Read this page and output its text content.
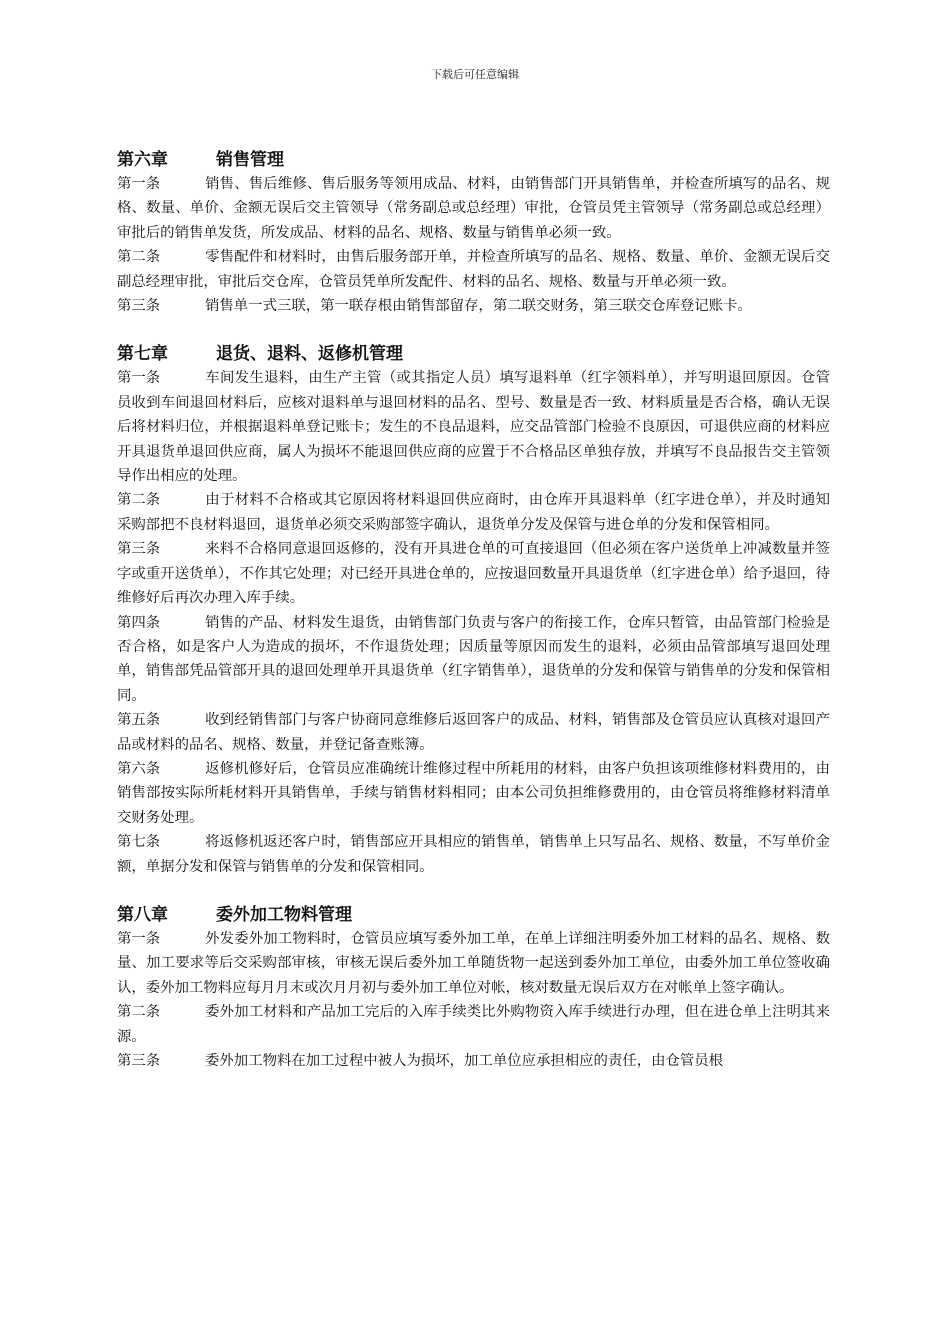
下载后可任意编辑
第六章	销售管理
第一条	销售、售后维修、售后服务等领用成品、材料，由销售部门开具销售单，并检查所填写的品名、规格、数量、单价、金额无误后交主管领导（常务副总或总经理）审批，仓管员凭主管领导（常务副总或总经理）审批后的销售单发货，所发成品、材料的品名、规格、数量与销售单必须一致。
第二条	零售配件和材料时，由售后服务部开单，并检查所填写的品名、规格、数量、单价、金额无误后交副总经理审批，审批后交仓库，仓管员凭单所发配件、材料的品名、规格、数量与开单必须一致。
第三条	销售单一式三联，第一联存根由销售部留存，第二联交财务，第三联交仓库登记账卡。
第七章	退货、退料、返修机管理
第一条	车间发生退料，由生产主管（或其指定人员）填写退料单（红字领料单），并写明退回原因。仓管员收到车间退回材料后，应核对退料单与退回材料的品名、型号、数量是否一致、材料质量是否合格，确认无误后将材料归位，并根据退料单登记账卡；发生的不良品退料，应交品管部门检验不良原因，可退供应商的材料应开具退货单退回供应商，属人为损坏不能退回供应商的应置于不合格品区单独存放，并填写不良品报告交主管领导作出相应的处理。
第二条	由于材料不合格或其它原因将材料退回供应商时，由仓库开具退料单（红字进仓单），并及时通知采购部把不良材料退回，退货单必须交采购部签字确认，退货单分发及保管与进仓单的分发和保管相同。
第三条	来料不合格同意退回返修的，没有开具进仓单的可直接退回（但必须在客户送货单上冲减数量并签字或重开送货单），不作其它处理；对已经开具进仓单的，应按退回数量开具退货单（红字进仓单）给予退回，待维修好后再次办理入库手续。
第四条	销售的产品、材料发生退货，由销售部门负责与客户的衔接工作，仓库只暂管，由品管部门检验是否合格，如是客户人为造成的损坏，不作退货处理；因质量等原因而发生的退料，必须由品管部填写退回处理单，销售部凭品管部开具的退回处理单开具退货单（红字销售单），退货单的分发和保管与销售单的分发和保管相同。
第五条	收到经销售部门与客户协商同意维修后返回客户的成品、材料，销售部及仓管员应认真核对退回产品或材料的品名、规格、数量，并登记备查账簿。
第六条	返修机修好后，仓管员应准确统计维修过程中所耗用的材料，由客户负担该项维修材料费用的，由销售部按实际所耗材料开具销售单，手续与销售材料相同；由本公司负担维修费用的，由仓管员将维修材料清单交财务处理。
第七条	将返修机返还客户时，销售部应开具相应的销售单，销售单上只写品名、规格、数量，不写单价金额，单据分发和保管与销售单的分发和保管相同。
第八章	委外加工物料管理
第一条	外发委外加工物料时，仓管员应填写委外加工单，在单上详细注明委外加工材料的品名、规格、数量、加工要求等后交采购部审核，审核无误后委外加工单随货物一起送到委外加工单位，由委外加工单位签收确认，委外加工物料应每月月末或次月月初与委外加工单位对帐，核对数量无误后双方在对帐单上签字确认。
第二条	委外加工材料和产品加工完后的入库手续类比外购物资入库手续进行办理，但在进仓单上注明其来源。
第三条	委外加工物料在加工过程中被人为损坏，加工单位应承担相应的责任，由仓管员根
